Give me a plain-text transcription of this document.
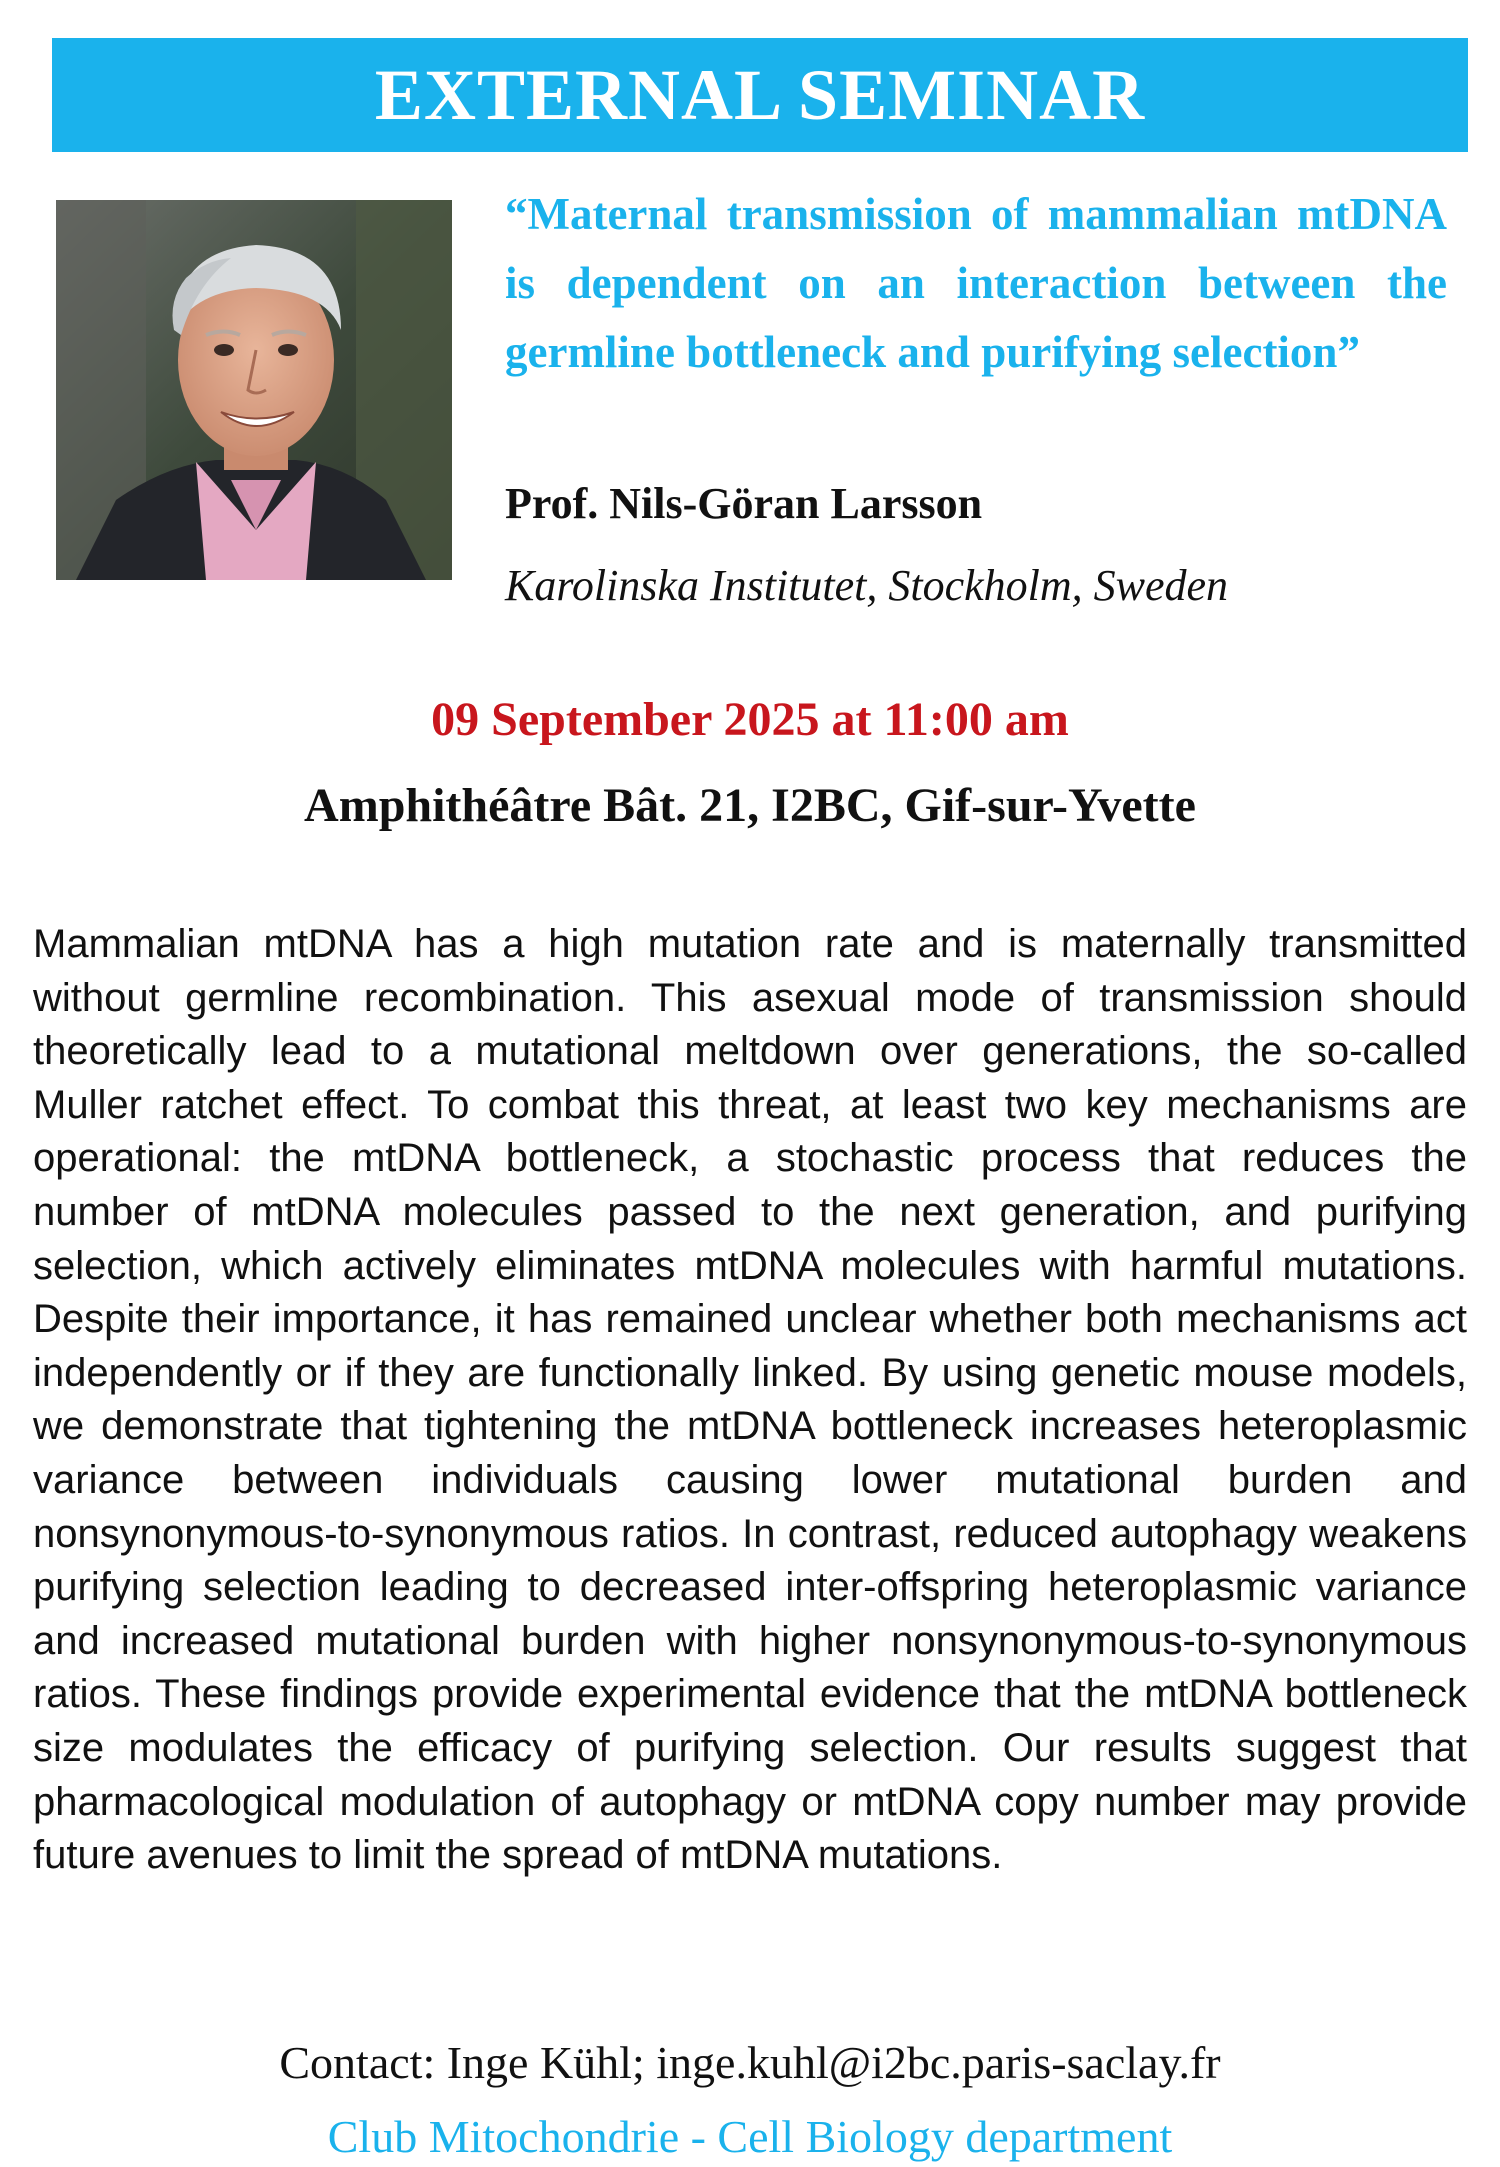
EXTERNAL SEMINAR

“Maternal transmission of mammalian mtDNA is dependent on an interaction between the germline bottleneck and purifying selection”

Prof. Nils-Göran Larsson
Karolinska Institutet, Stockholm, Sweden
09 September 2025 at 11:00 am
Amphithéâtre Bât. 21, I2BC, Gif-sur-Yvette

Mammalian mtDNA has a high mutation rate and is maternally transmitted without germline recombination. This asexual mode of transmission should theoretically lead to a mutational meltdown over generations, the so-called Muller ratchet effect. To combat this threat, at least two key mechanisms are operational: the mtDNA bottleneck, a stochastic process that reduces the number of mtDNA molecules passed to the next generation, and purifying selection, which actively eliminates mtDNA molecules with harmful mutations. Despite their importance, it has remained unclear whether both mechanisms act independently or if they are functionally linked. By using genetic mouse models, we demonstrate that tightening the mtDNA bottleneck increases heteroplasmic variance between individuals causing lower mutational burden and nonsynonymous-to-synonymous ratios. In contrast, reduced autophagy weakens purifying selection leading to decreased inter-offspring heteroplasmic variance and increased mutational burden with higher nonsynonymous-to-synonymous ratios. These findings provide experimental evidence that the mtDNA bottleneck size modulates the efficacy of purifying selection. Our results suggest that pharmacological modulation of autophagy or mtDNA copy number may provide future avenues to limit the spread of mtDNA mutations.

Contact: Inge Kühl; inge.kuhl@i2bc.paris-saclay.fr
Club Mitochondrie - Cell Biology department
